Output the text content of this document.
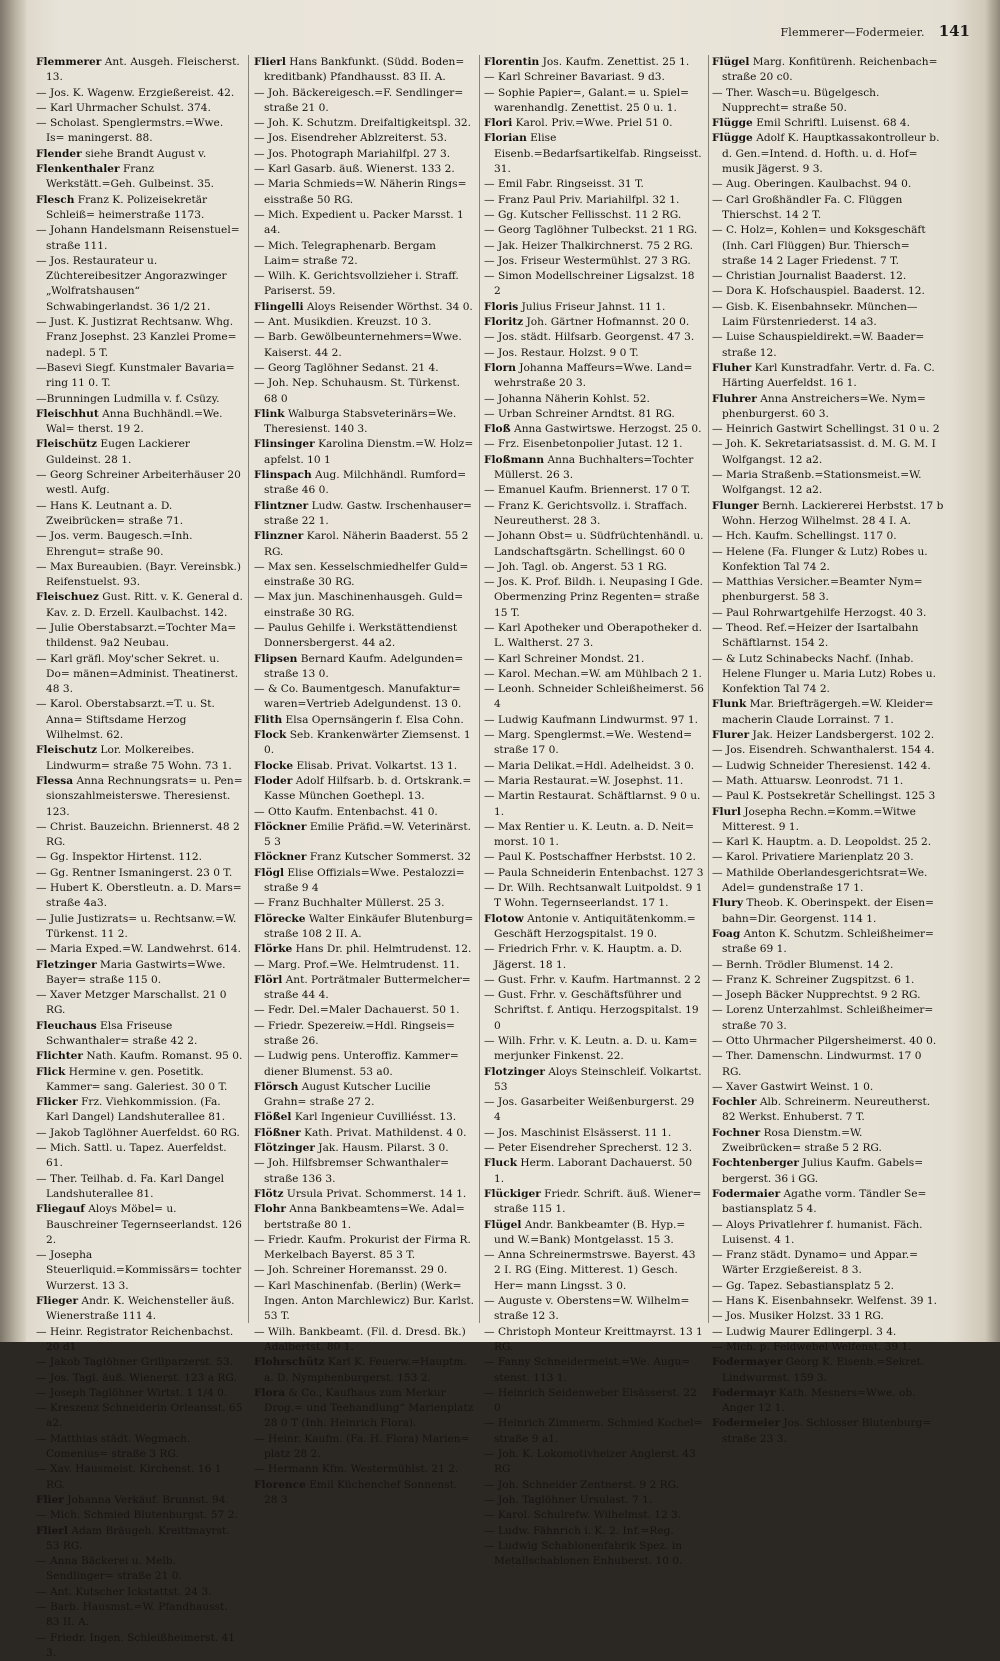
Flemmerer—Fodermeier. 141

Flemmerer Ant. Ausgeh. Fleischerst. 13.

— Jos. K. Wagenw. Erzgießereist. 42.

— Karl Uhrmacher Schulst. 374.

— Scholast. Spenglermstrs.=Wwe. Is= maningerst. 88.

Flender siehe Brandt August v.

Flenkenthaler Franz Werkstätt.=Geh. Gulbeinst. 35.

Flesch Franz K. Polizeisekretär Schleiß= heimerstraße 1173.

— Johann Handelsmann Reisenstuel= straße 111.

— Jos. Restaurateur u. Züchtereibesitzer Angorazwinger „Wolfratshausen“ Schwabingerlandst. 36 1/2 21.

— Just. K. Justizrat Rechtsanw. Whg. Franz Josephst. 23 Kanzlei Prome= nadepl. 5 T.

—Basevi Siegf. Kunstmaler Bavaria= ring 11 0. T.

—Brunningen Ludmilla v. f. Csüzy.

Fleischhut Anna Buchhändl.=We. Wal= therst. 19 2.

Fleischütz Eugen Lackierer Guldeinst. 28 1.

— Georg Schreiner Arbeiterhäuser 20 westl. Aufg.

— Hans K. Leutnant a. D. Zweibrücken= straße 71.

— Jos. verm. Baugesch.=Inh. Ehrengut= straße 90.

— Max Bureaubien. (Bayr. Vereinsbk.) Reifenstuelst. 93.

Fleischuez Gust. Ritt. v. K. General d. Kav. z. D. Erzell. Kaulbachst. 142.

— Julie Oberstabsarzt.=Tochter Ma= thildenst. 9a2 Neubau.

— Karl gräfl. Moy'scher Sekret. u. Do= mänen=Administ. Theatinerst. 48 3.

— Karol. Oberstabsarzt.=T. u. St. Anna= Stiftsdame Herzog Wilhelmst. 62.

Fleischutz Lor. Molkereibes. Lindwurm= straße 75 Wohn. 73 1.

Flessa Anna Rechnungsrats= u. Pen= sionszahlmeisterswe. Theresienst. 123.

— Christ. Bauzeichn. Briennerst. 48 2 RG.

— Gg. Inspektor Hirtenst. 112.

— Gg. Rentner Ismaningerst. 23 0 T.

— Hubert K. Oberstleutn. a. D. Mars= straße 4a3.

— Julie Justizrats= u. Rechtsanw.=W. Türkenst. 11 2.

— Maria Exped.=W. Landwehrst. 614.

Fletzinger Maria Gastwirts=Wwe. Bayer= straße 115 0.

— Xaver Metzger Marschallst. 21 0 RG.

Fleuchaus Elsa Friseuse Schwanthaler= straße 42 2.

Flichter Nath. Kaufm. Romanst. 95 0.

Flick Hermine v. gen. Posetitk. Kammer= sang. Galeriest. 30 0 T.

Flicker Frz. Viehkommission. (Fa. Karl Dangel) Landshuterallee 81.

— Jakob Taglöhner Auerfeldst. 60 RG.

— Mich. Sattl. u. Tapez. Auerfeldst. 61.

— Ther. Teilhab. d. Fa. Karl Dangel Landshuterallee 81.

Fliegauf Aloys Möbel= u. Bauschreiner Tegernseerlandst. 126 2.

— Josepha Steuerliquid.=Kommissärs= tochter Wurzerst. 13 3.

Flieger Andr. K. Weichensteller äuß. Wienerstraße 111 4.

— Heinr. Registrator Reichenbachst. 20 d1

— Jakob Taglöhner Grillparzerst. 53.

— Jos. Tagl. äuß. Wienerst. 123 a RG.

— Joseph Taglöhner Wirtst. 1 1/4 0.

— Kreszenz Schneiderin Orleansst. 65 a2.

— Matthias städt. Wegmach. Comenius= straße 3 RG.

— Xav. Hausmeist. Kirchenst. 16 1 RG.

Flier Johanna Verkäuf. Brunnst. 94.

— Mich. Schmied Blutenburgst. 57 2.

Flierl Adam Bräugeh. Kreittmayrst. 53 RG.

— Anna Bäckerei u. Melb. Sendlinger= straße 21 0.

— Ant. Kutscher Ickstattst. 24 3.

— Barb. Hausmst.=W. Pfandhausst. 83 II. A.

— Friedr. Ingen. Schleißheimerst. 41 3.

Flierl Hans Bankfunkt. (Südd. Boden= kreditbank) Pfandhausst. 83 II. A.

— Joh. Bäckereigesch.=F. Sendlinger= straße 21 0.

— Joh. K. Schutzm. Dreifaltigkeitspl. 32.

— Jos. Eisendreher Ablzreiterst. 53.

— Jos. Photograph Mariahilfpl. 27 3.

— Karl Gasarb. äuß. Wienerst. 133 2.

— Maria Schmieds=W. Näherin Rings= eisstraße 50 RG.

— Mich. Expedient u. Packer Marsst. 1 a4.

— Mich. Telegraphenarb. Bergam Laim= straße 72.

— Wilh. K. Gerichtsvollzieher i. Straff. Pariserst. 59.

Flingelli Aloys Reisender Wörthst. 34 0.

— Ant. Musikdien. Kreuzst. 10 3.

— Barb. Gewölbeunternehmers=Wwe. Kaiserst. 44 2.

— Georg Taglöhner Sedanst. 21 4.

— Joh. Nep. Schuhausm. St. Türkenst. 68 0

Flink Walburga Stabsveterinärs=We. Theresienst. 140 3.

Flinsinger Karolina Dienstm.=W. Holz= apfelst. 10 1

Flinspach Aug. Milchhändl. Rumford= straße 46 0.

Flintzner Ludw. Gastw. Irschenhauser= straße 22 1.

Flinzner Karol. Näherin Baaderst. 55 2 RG.

— Max sen. Kesselschmiedhelfer Guld= einstraße 30 RG.

— Max jun. Maschinenhausgeh. Guld= einstraße 30 RG.

— Paulus Gehilfe i. Werkstättendienst Donnersbergerst. 44 a2.

Flipsen Bernard Kaufm. Adelgunden= straße 13 0.

— & Co. Baumentgesch. Manufaktur= waren=Vertrieb Adelgundenst. 13 0.

Flith Elsa Opernsängerin f. Elsa Cohn.

Flock Seb. Krankenwärter Ziemsenst. 1 0.

Flocke Elisab. Privat. Volkartst. 13 1.

Floder Adolf Hilfsarb. b. d. Ortskrank.= Kasse München Goethepl. 13.

— Otto Kaufm. Entenbachst. 41 0.

Flöckner Emilie Präfid.=W. Veterinärst. 5 3

Flöckner Franz Kutscher Sommerst. 32

Flögl Elise Offizials=Wwe. Pestalozzi= straße 9 4

— Franz Buchhalter Müllerst. 25 3.

Flörecke Walter Einkäufer Blutenburg= straße 108 2 II. A.

Flörke Hans Dr. phil. Helmtrudenst. 12.

— Marg. Prof.=We. Helmtrudenst. 11.

Flörl Ant. Porträtmaler Buttermelcher= straße 44 4.

— Fedr. Del.=Maler Dachauerst. 50 1.

— Friedr. Spezereiw.=Hdl. Ringseis= straße 26.

— Ludwig pens. Unteroffiz. Kammer= diener Blumenst. 53 a0.

Flörsch August Kutscher Lucilie Grahn= straße 27 2.

Flößel Karl Ingenieur Cuvilliésst. 13.

Flößner Kath. Privat. Mathildenst. 4 0.

Flötzinger Jak. Hausm. Pilarst. 3 0.

— Joh. Hilfsbremser Schwanthaler= straße 136 3.

Flötz Ursula Privat. Schommerst. 14 1.

Flohr Anna Bankbeamtens=We. Adal= bertstraße 80 1.

— Friedr. Kaufm. Prokurist der Firma R. Merkelbach Bayerst. 85 3 T.

— Joh. Schreiner Horemansst. 29 0.

— Karl Maschinenfab. (Berlin) (Werk= Ingen. Anton Marchlewicz) Bur. Karlst. 53 T.

— Wilh. Bankbeamt. (Fil. d. Dresd. Bk.) Adalbertst. 80 1.

Flohrschütz Karl K. Feuerw.=Hauptm. a. D. Nymphenburgerst. 153 2.

Flora & Co., Kaufhaus zum Merkur Drog.= und Teehandlung“ Marienplatz 28 0 T (Inh. Heinrich Flora).

— Heinr. Kaufm. (Fa. H. Flora) Marien= platz 28 2.

— Hermann Kfm. Westermühlst. 21 2.

Florence Emil Küchenchef Sonnenst. 28 3

Florentin Jos. Kaufm. Zenettist. 25 1.

— Karl Schreiner Bavariast. 9 d3.

— Sophie Papier=, Galant.= u. Spiel= warenhandlg. Zenettist. 25 0 u. 1.

Flori Karol. Priv.=Wwe. Priel 51 0.

Florian Elise Eisenb.=Bedarfsartikelfab. Ringseisst. 31.

— Emil Fabr. Ringseisst. 31 T.

— Franz Paul Priv. Mariahilfpl. 32 1.

— Gg. Kutscher Fellisschst. 11 2 RG.

— Georg Taglöhner Tulbeckst. 21 1 RG.

— Jak. Heizer Thalkirchnerst. 75 2 RG.

— Jos. Friseur Westermühlst. 27 3 RG.

— Simon Modellschreiner Ligsalzst. 18 2

Floris Julius Friseur Jahnst. 11 1.

Floritz Joh. Gärtner Hofmannst. 20 0.

— Jos. städt. Hilfsarb. Georgenst. 47 3.

— Jos. Restaur. Holzst. 9 0 T.

Florn Johanna Maffeurs=Wwe. Land= wehrstraße 20 3.

— Johanna Näherin Kohlst. 52.

— Urban Schreiner Arndtst. 81 RG.

Floß Anna Gastwirtswe. Herzogst. 25 0.

— Frz. Eisenbetonpolier Jutast. 12 1.

Floßmann Anna Buchhalters=Tochter Müllerst. 26 3.

— Emanuel Kaufm. Briennerst. 17 0 T.

— Franz K. Gerichtsvollz. i. Straffach. Neureutherst. 28 3.

— Johann Obst= u. Südfrüchtenhändl. u. Landschaftsgärtn. Schellingst. 60 0

— Joh. Tagl. ob. Angerst. 53 1 RG.

— Jos. K. Prof. Bildh. i. Neupasing I Gde. Obermenzing Prinz Regenten= straße 15 T.

— Karl Apotheker und Oberapotheker d. L. Waltherst. 27 3.

— Karl Schreiner Mondst. 21.

— Karol. Mechan.=W. am Mühlbach 2 1.

— Leonh. Schneider Schleißheimerst. 56 4

— Ludwig Kaufmann Lindwurmst. 97 1.

— Marg. Spenglermst.=We. Westend= straße 17 0.

— Maria Delikat.=Hdl. Adelheidst. 3 0.

— Maria Restaurat.=W. Josephst. 11.

— Martin Restaurat. Schäftlarnst. 9 0 u. 1.

— Max Rentier u. K. Leutn. a. D. Neit= morst. 10 1.

— Paul K. Postschaffner Herbstst. 10 2.

— Paula Schneiderin Entenbachst. 127 3

— Dr. Wilh. Rechtsanwalt Luitpoldst. 9 1 T Wohn. Tegernseerlandst. 17 1.

Flotow Antonie v. Antiquitätenkomm.= Geschäft Herzogspitalst. 19 0.

— Friedrich Frhr. v. K. Hauptm. a. D. Jägerst. 18 1.

— Gust. Frhr. v. Kaufm. Hartmannst. 2 2

— Gust. Frhr. v. Geschäftsführer und Schriftst. f. Antiqu. Herzogspitalst. 19 0

— Wilh. Frhr. v. K. Leutn. a. D. u. Kam= merjunker Finkenst. 22.

Flotzinger Aloys Steinschleif. Volkartst. 53

— Jos. Gasarbeiter Weißenburgerst. 29 4

— Jos. Maschinist Elsässerst. 11 1.

— Peter Eisendreher Sprecherst. 12 3.

Fluck Herm. Laborant Dachauerst. 50 1.

Flückiger Friedr. Schrift. äuß. Wiener= straße 115 1.

Flügel Andr. Bankbeamter (B. Hyp.= und W.=Bank) Montgelasst. 15 3.

— Anna Schreinermstrswe. Bayerst. 43 2 I. RG (Eing. Mitterest. 1) Gesch. Her= mann Lingsst. 3 0.

— Auguste v. Oberstens=W. Wilhelm= straße 12 3.

— Christoph Monteur Kreittmayrst. 13 1 RG.

— Fanny Schneidermeist.=We. Augu= stenst. 113 1.

— Heinrich Seidenweber Elsässerst. 22 0

— Heinrich Zimmerm. Schmied Kochel= straße 9 a1.

— Joh. K. Lokomotivheizer Anglerst. 43 RG

— Joh. Schneider Zentnerst. 9 2 RG.

— Joh. Taglöhner Ursulast. 7 1.

— Karol. Schulrefw. Wilhelmst. 12 3.

— Ludw. Fähnrich i. K. 2. Inf.=Reg.

— Ludwig Schablonenfabrik Spez. in Metallschablonen Enhuberst. 10 0.

Flügel Marg. Konfitürenh. Reichenbach= straße 20 c0.

— Ther. Wasch=u. Bügelgesch. Nupprecht= straße 50.

Flügge Emil Schriftl. Luisenst. 68 4.

Flügge Adolf K. Hauptkassakontrolleur b. d. Gen.=Intend. d. Hofth. u. d. Hof= musik Jägerst. 9 3.

— Aug. Oberingen. Kaulbachst. 94 0.

— Carl Großhändler Fa. C. Flüggen Thierschst. 14 2 T.

— C. Holz=, Kohlen= und Koksgeschäft (Inh. Carl Flüggen) Bur. Thiersch= straße 14 2 Lager Friedenst. 7 T.

— Christian Journalist Baaderst. 12.

— Dora K. Hofschauspiel. Baaderst. 12.

— Gisb. K. Eisenbahnsekr. München— Laim Fürstenriederst. 14 a3.

— Luise Schauspieldirekt.=W. Baader= straße 12.

Fluher Karl Kunstradfahr. Vertr. d. Fa. C. Härting Auerfeldst. 16 1.

Fluhrer Anna Anstreichers=We. Nym= phenburgerst. 60 3.

— Heinrich Gastwirt Schellingst. 31 0 u. 2

— Joh. K. Sekretariatsassist. d. M. G. M. I Wolfgangst. 12 a2.

— Maria Straßenb.=Stationsmeist.=W. Wolfgangst. 12 a2.

Flunger Bernh. Lackiererei Herbstst. 17 b Wohn. Herzog Wilhelmst. 28 4 I. A.

— Hch. Kaufm. Schellingst. 117 0.

— Helene (Fa. Flunger & Lutz) Robes u. Konfektion Tal 74 2.

— Matthias Versicher.=Beamter Nym= phenburgerst. 58 3.

— Paul Rohrwartgehilfe Herzogst. 40 3.

— Theod. Ref.=Heizer der Isartalbahn Schäftlarnst. 154 2.

— & Lutz Schinabecks Nachf. (Inhab. Helene Flunger u. Maria Lutz) Robes u. Konfektion Tal 74 2.

Flunk Mar. Briefträgergeh.=W. Kleider= macherin Claude Lorrainst. 7 1.

Flurer Jak. Heizer Landsbergerst. 102 2.

— Jos. Eisendreh. Schwanthalerst. 154 4.

— Ludwig Schneider Theresienst. 142 4.

— Math. Attuarsw. Leonrodst. 71 1.

— Paul K. Postsekretär Schellingst. 125 3

Flurl Josepha Rechn.=Komm.=Witwe Mitterest. 9 1.

— Karl K. Hauptm. a. D. Leopoldst. 25 2.

— Karol. Privatiere Marienplatz 20 3.

— Mathilde Oberlandesgerichtsrat=We. Adel= gundenstraße 17 1.

Flury Theob. K. Oberinspekt. der Eisen= bahn=Dir. Georgenst. 114 1.

Foag Anton K. Schutzm. Schleißheimer= straße 69 1.

— Bernh. Trödler Blumenst. 14 2.

— Franz K. Schreiner Zugspitzst. 6 1.

— Joseph Bäcker Nupprechtst. 9 2 RG.

— Lorenz Unterzahlmst. Schleißheimer= straße 70 3.

— Otto Uhrmacher Pilgersheimerst. 40 0.

— Ther. Damenschn. Lindwurmst. 17 0 RG.

— Xaver Gastwirt Weinst. 1 0.

Fochler Alb. Schreinerm. Neureutherst. 82 Werkst. Enhuberst. 7 T.

Fochner Rosa Dienstm.=W. Zweibrücken= straße 5 2 RG.

Fochtenberger Julius Kaufm. Gabels= bergerst. 36 i GG.

Fodermaier Agathe vorm. Tändler Se= bastiansplatz 5 4.

— Aloys Privatlehrer f. humanist. Fäch. Luisenst. 4 1.

— Franz städt. Dynamo= und Appar.= Wärter Erzgießereist. 8 3.

— Gg. Tapez. Sebastiansplatz 5 2.

— Hans K. Eisenbahnsekr. Welfenst. 39 1.

— Jos. Musiker Holzst. 33 1 RG.

— Ludwig Maurer Edlingerpl. 3 4.

— Mich. p. Feldwebel Welfenst. 39 1.

Fodermayer Georg K. Eisenb.=Sekret. Lindwurmst. 159 3.

Fodermayr Kath. Mesners=Wwe. ob. Anger 12 1.

Fodermeier Jos. Schlosser Blutenburg= straße 23 3.
